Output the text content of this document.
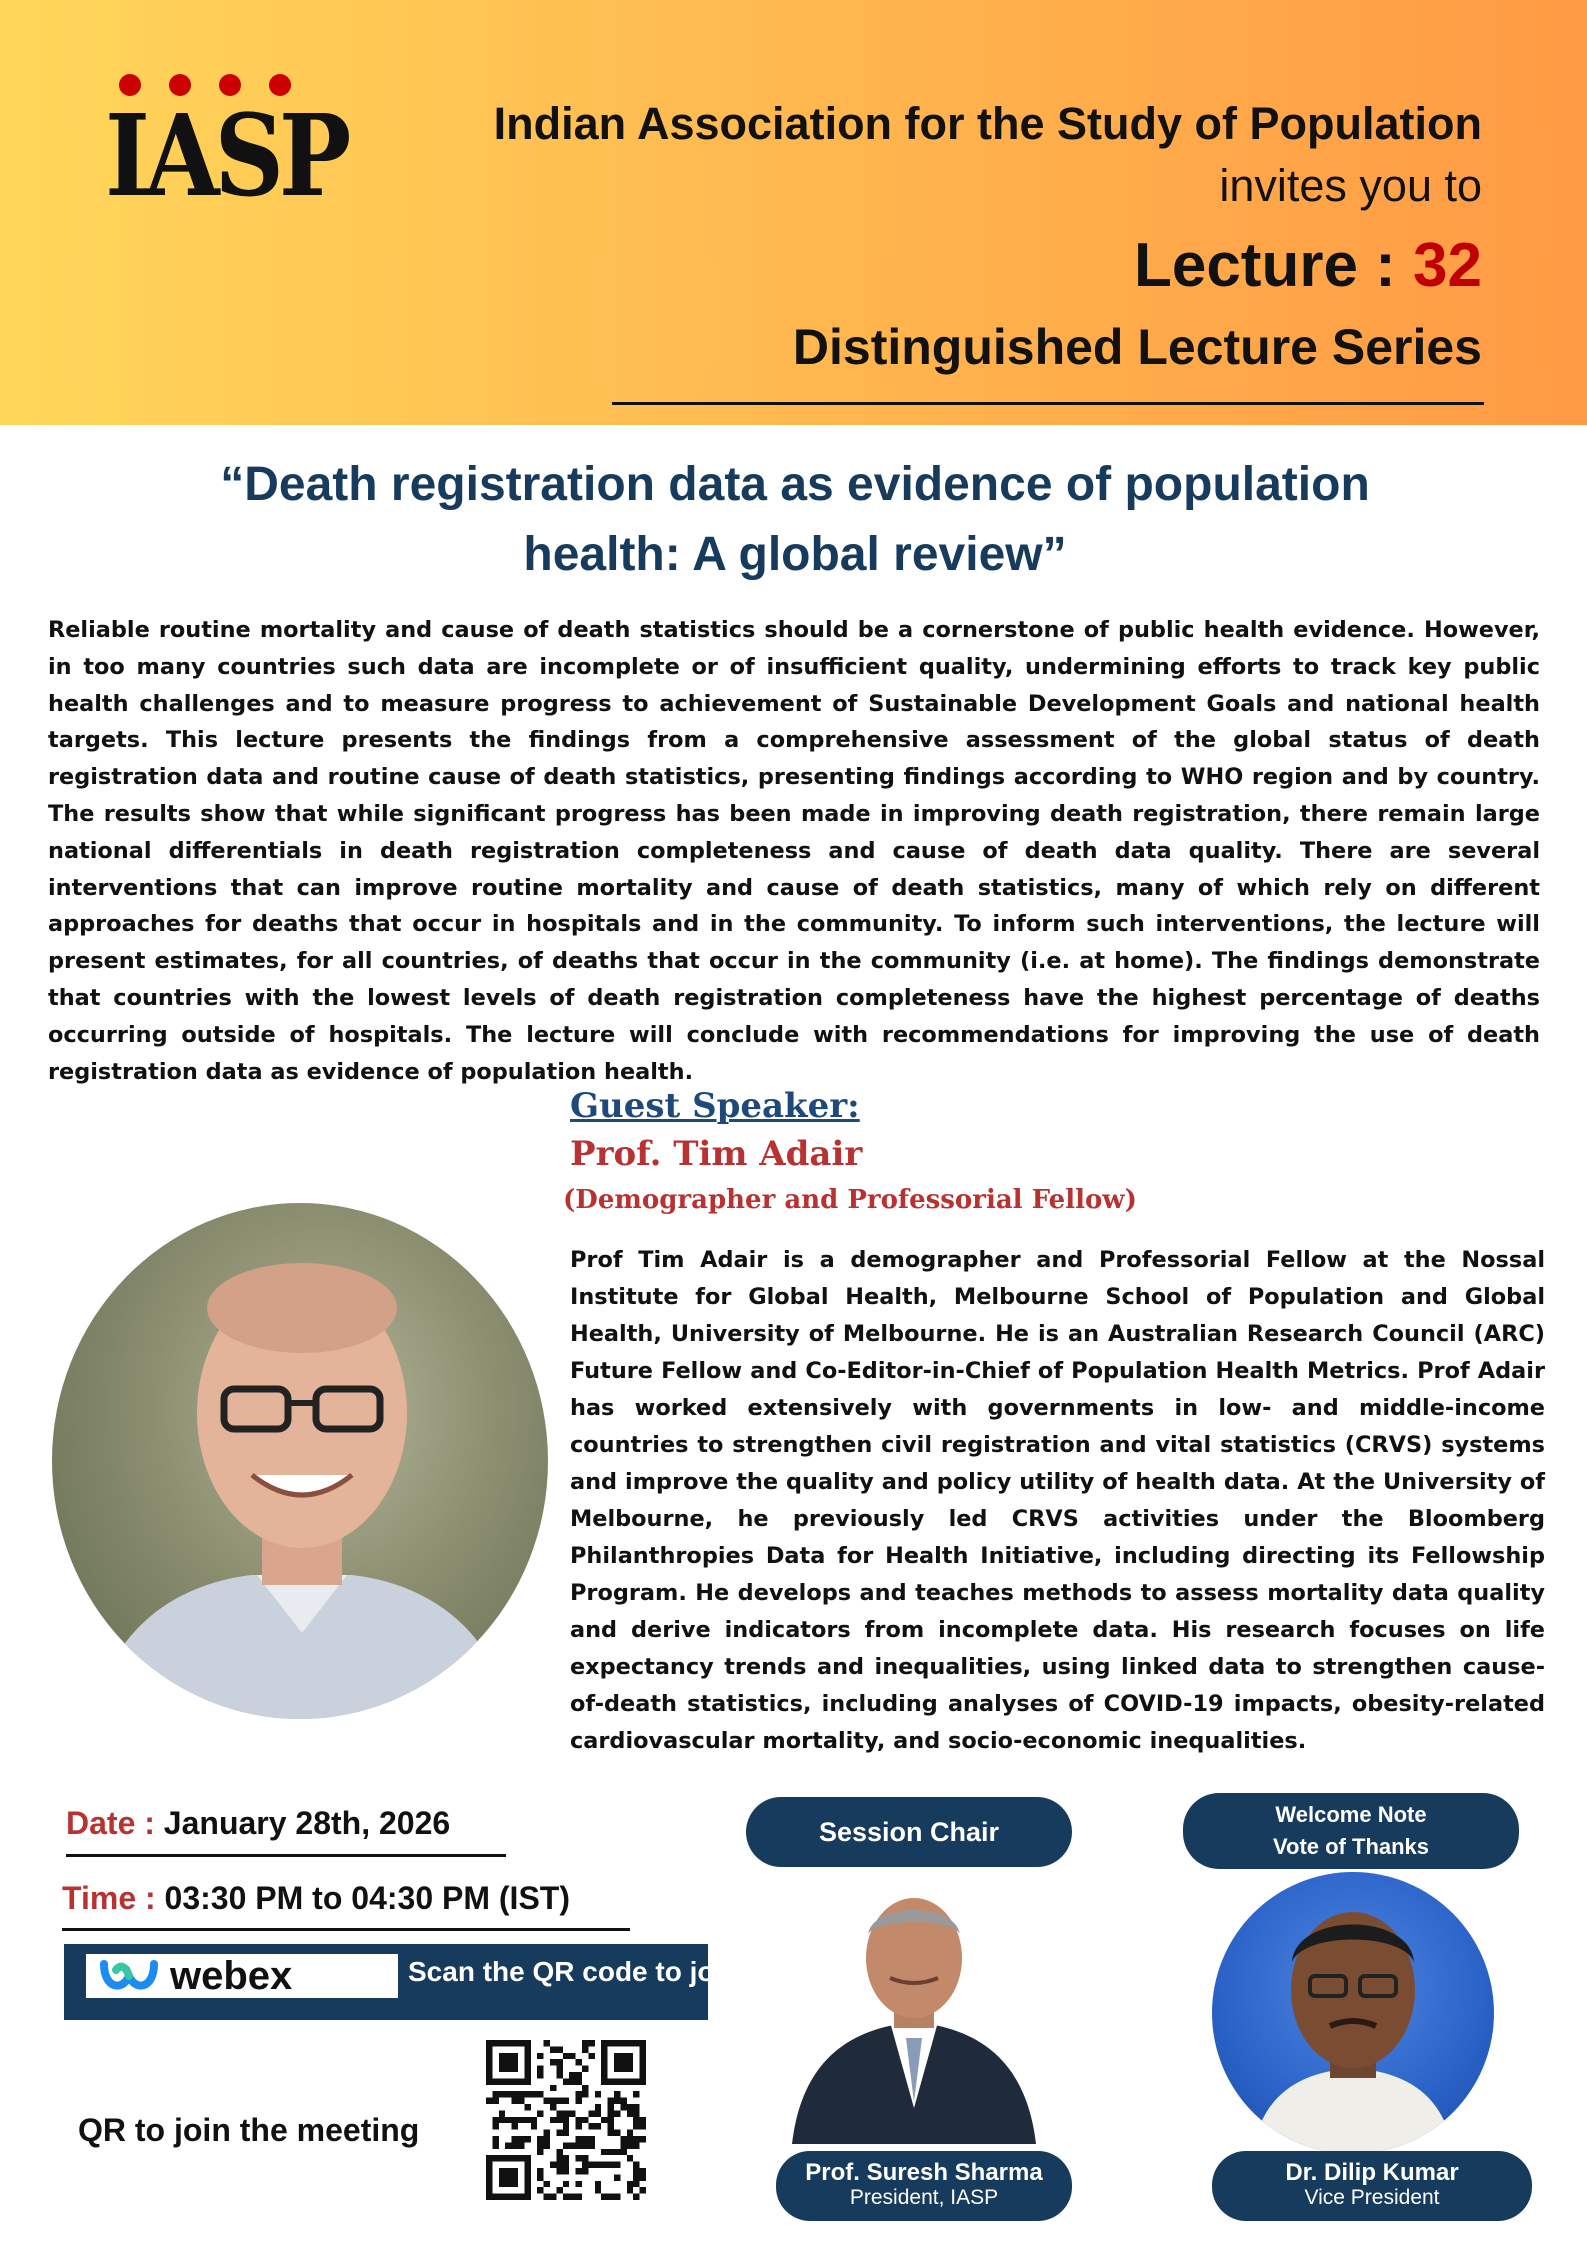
IASP	Indian Association for the Study of Population
invites you to
Lecture : 32
Distinguished Lecture Series
“Death registration data as evidence of population
health: A global review”
Reliable routine mortality and cause of death statistics should be a cornerstone of public health evidence. However, in too many countries such data are incomplete or of insufficient quality, undermining efforts to track key public health challenges and to measure progress to achievement of Sustainable Development Goals and national health targets. This lecture presents the findings from a comprehensive assessment of the global status of death registration data and routine cause of death statistics, presenting findings according to WHO region and by country. The results show that while significant progress has been made in improving death registration, there remain large national differentials in death registration completeness and cause of death data quality. There are several interventions that can improve routine mortality and cause of death statistics, many of which rely on different approaches for deaths that occur in hospitals and in the community. To inform such interventions, the lecture will present estimates, for all countries, of deaths that occur in the community (i.e. at home). The findings demonstrate that countries with the lowest levels of death registration completeness have the highest percentage of deaths occurring outside of hospitals. The lecture will conclude with recommendations for improving the use of death registration data as evidence of population health.
Guest Speaker:
Prof. Tim Adair
(Demographer and Professorial Fellow)
Prof Tim Adair is a demographer and Professorial Fellow at the Nossal Institute for Global Health, Melbourne School of Population and Global Health, University of Melbourne. He is an Australian Research Council (ARC) Future Fellow and Co-Editor-in-Chief of Population Health Metrics. Prof Adair has worked extensively with governments in low- and middle-income countries to strengthen civil registration and vital statistics (CRVS) systems and improve the quality and policy utility of health data. At the University of Melbourne, he previously led CRVS activities under the Bloomberg Philanthropies Data for Health Initiative, including directing its Fellowship Program. He develops and teaches methods to assess mortality data quality and derive indicators from incomplete data. His research focuses on life expectancy trends and inequalities, using linked data to strengthen cause-of-death statistics, including analyses of COVID-19 impacts, obesity-related cardiovascular mortality, and socio-economic inequalities.
Date : January 28th, 2026
Time : 03:30 PM to 04:30 PM (IST)
webex	Scan the QR code to join:
QR to join the meeting
Session Chair
Welcome Note
Vote of Thanks
Prof. Suresh Sharma
President, IASP
Dr. Dilip Kumar
Vice President
